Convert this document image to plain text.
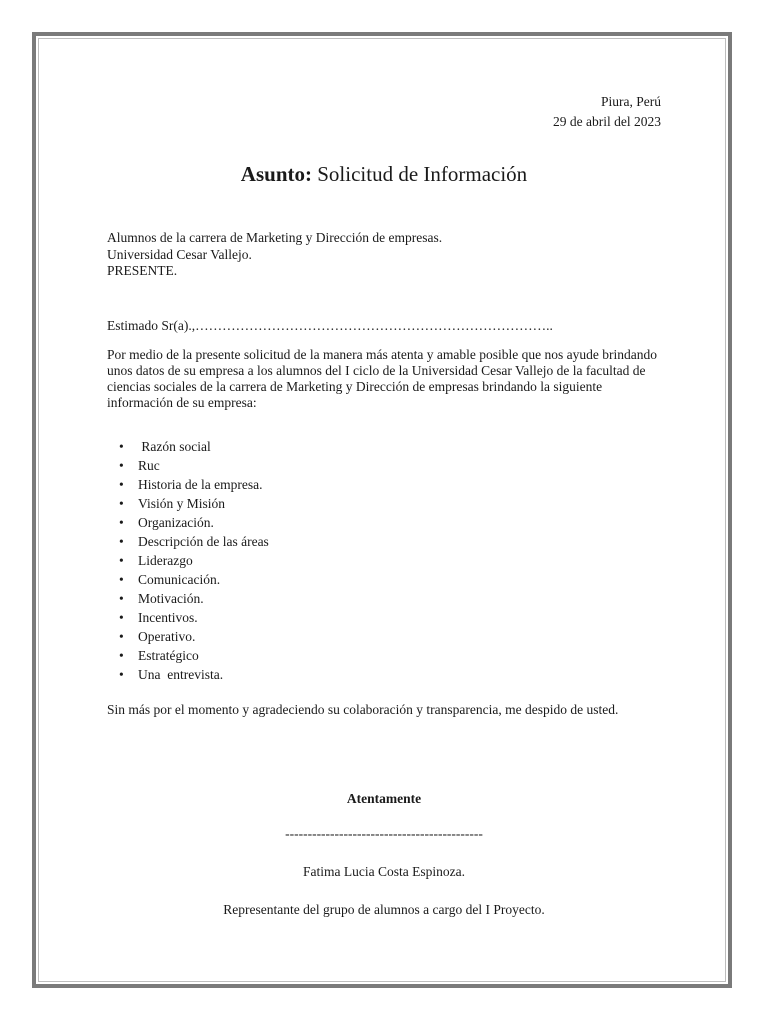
Piura, Perú
29 de abril del 2023
Asunto: Solicitud de Información
Alumnos de la carrera de Marketing y Dirección de empresas.
Universidad Cesar Vallejo.
PRESENTE.
Estimado Sr(a).,……………………………………………………………………..
Por medio de la presente solicitud de la manera más atenta y amable posible que nos ayude brindando unos datos de su empresa a los alumnos del I ciclo de la Universidad Cesar Vallejo de la facultad de ciencias sociales de la carrera de Marketing y Dirección de empresas brindando la siguiente información de su empresa:
•  Razón social
• Ruc
• Historia de la empresa.
• Visión y Misión
• Organización.
• Descripción de las áreas
• Liderazgo
• Comunicación.
• Motivación.
• Incentivos.
• Operativo.
• Estratégico
• Una  entrevista.
Sin más por el momento y agradeciendo su colaboración y transparencia, me despido de usted.
Atentamente
--------------------------------------------
Fatima Lucia Costa Espinoza.
Representante del grupo de alumnos a cargo del I Proyecto.
